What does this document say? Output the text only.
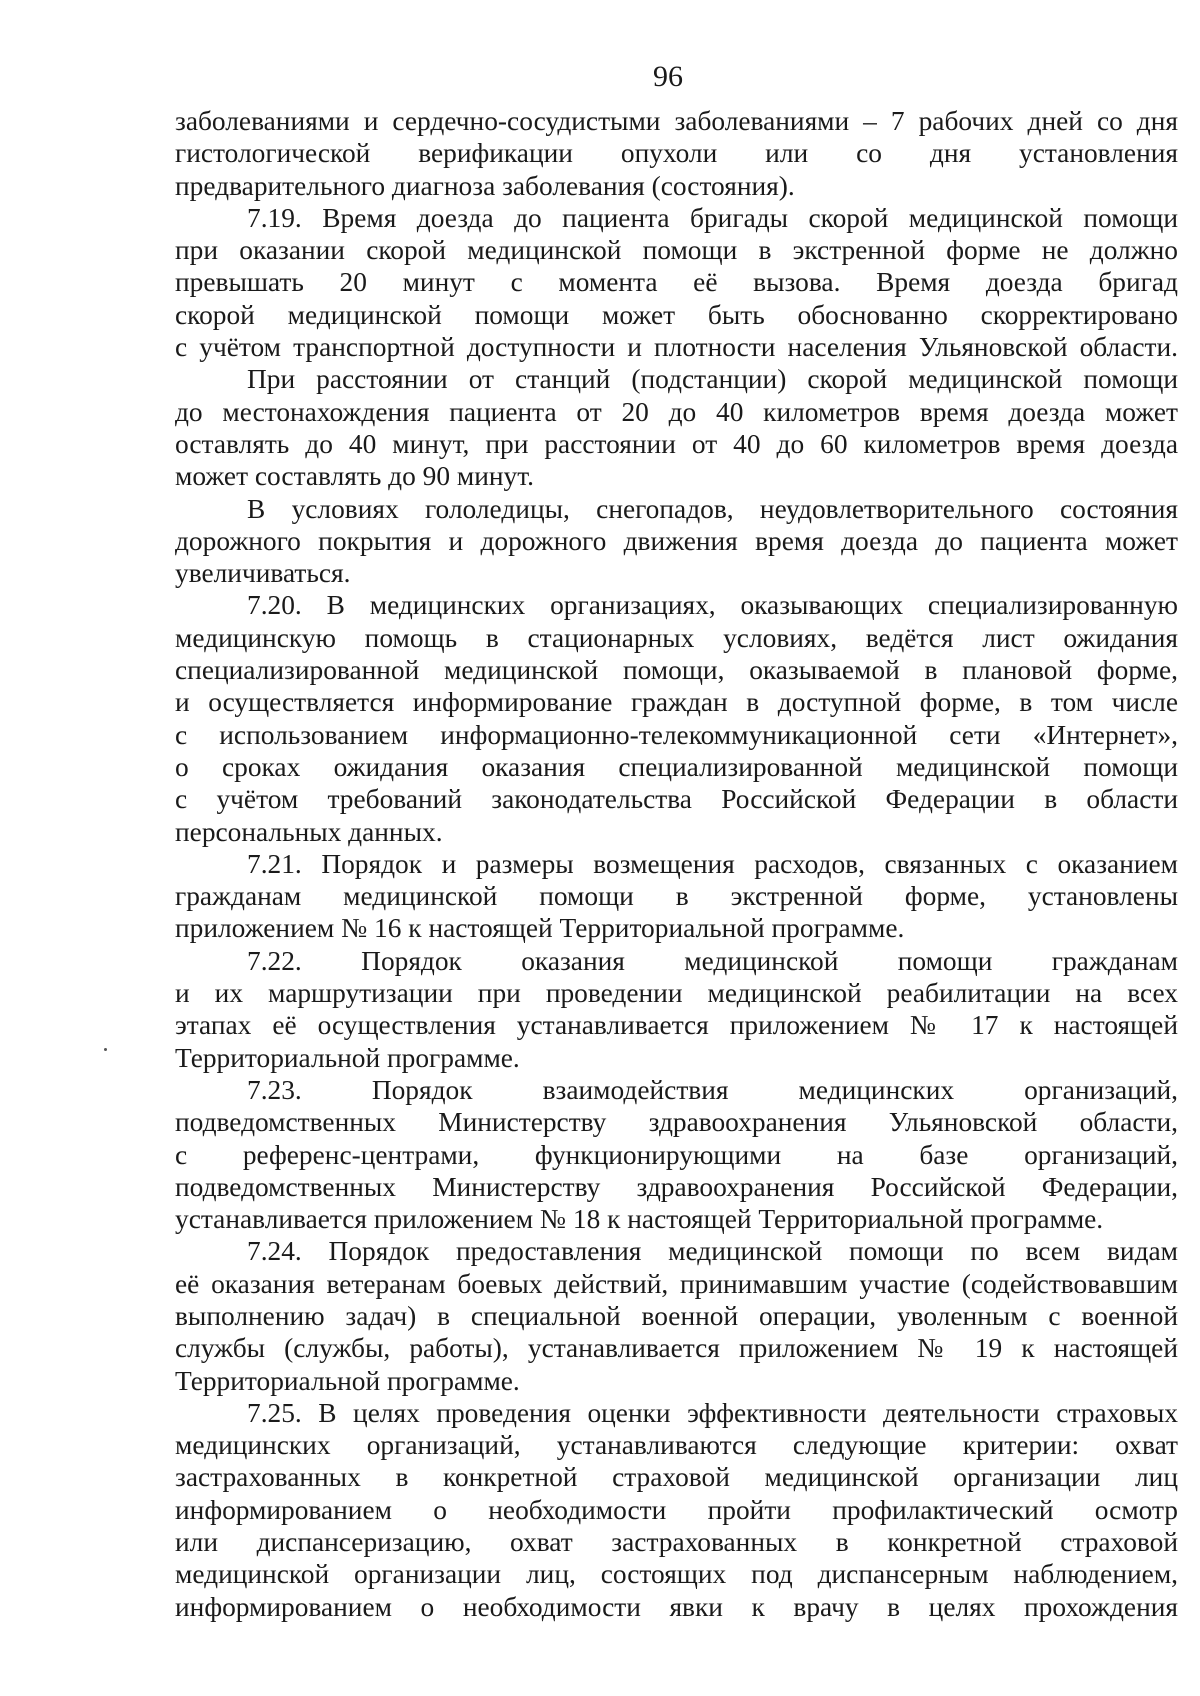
96
заболеваниями и сердечно-сосудистыми заболеваниями – 7 рабочих дней со дня
гистологической верификации опухоли или со дня установления
предварительного диагноза заболевания (состояния).
7.19. Время доезда до пациента бригады скорой медицинской помощи
при оказании скорой медицинской помощи в экстренной форме не должно
превышать 20 минут с момента её вызова. Время доезда бригад
скорой медицинской помощи может быть обоснованно скорректировано
с учётом транспортной доступности и плотности населения Ульяновской области.
При расстоянии от станций (подстанции) скорой медицинской помощи
до местонахождения пациента от 20 до 40 километров время доезда может
оставлять до 40 минут, при расстоянии от 40 до 60 километров время доезда
может составлять до 90 минут.
В условиях гололедицы, снегопадов, неудовлетворительного состояния
дорожного покрытия и дорожного движения время доезда до пациента может
увеличиваться.
7.20. В медицинских организациях, оказывающих специализированную
медицинскую помощь в стационарных условиях, ведётся лист ожидания
специализированной медицинской помощи, оказываемой в плановой форме,
и осуществляется информирование граждан в доступной форме, в том числе
с использованием информационно-телекоммуникационной сети «Интернет»,
о сроках ожидания оказания специализированной медицинской помощи
с учётом требований законодательства Российской Федерации в области
персональных данных.
7.21. Порядок и размеры возмещения расходов, связанных с оказанием
гражданам медицинской помощи в экстренной форме, установлены
приложением № 16 к настоящей Территориальной программе.
7.22. Порядок оказания медицинской помощи гражданам
и их маршрутизации при проведении медицинской реабилитации на всех
этапах её осуществления устанавливается приложением № 17 к настоящей
Территориальной программе.
7.23. Порядок взаимодействия медицинских организаций,
подведомственных Министерству здравоохранения Ульяновской области,
с референс-центрами, функционирующими на базе организаций,
подведомственных Министерству здравоохранения Российской Федерации,
устанавливается приложением № 18 к настоящей Территориальной программе.
7.24. Порядок предоставления медицинской помощи по всем видам
её оказания ветеранам боевых действий, принимавшим участие (содействовавшим
выполнению задач) в специальной военной операции, уволенным с военной
службы (службы, работы), устанавливается приложением № 19 к настоящей
Территориальной программе.
7.25. В целях проведения оценки эффективности деятельности страховых
медицинских организаций, устанавливаются следующие критерии: охват
застрахованных в конкретной страховой медицинской организации лиц
информированием о необходимости пройти профилактический осмотр
или диспансеризацию, охват застрахованных в конкретной страховой
медицинской организации лиц, состоящих под диспансерным наблюдением,
информированием о необходимости явки к врачу в целях прохождения
